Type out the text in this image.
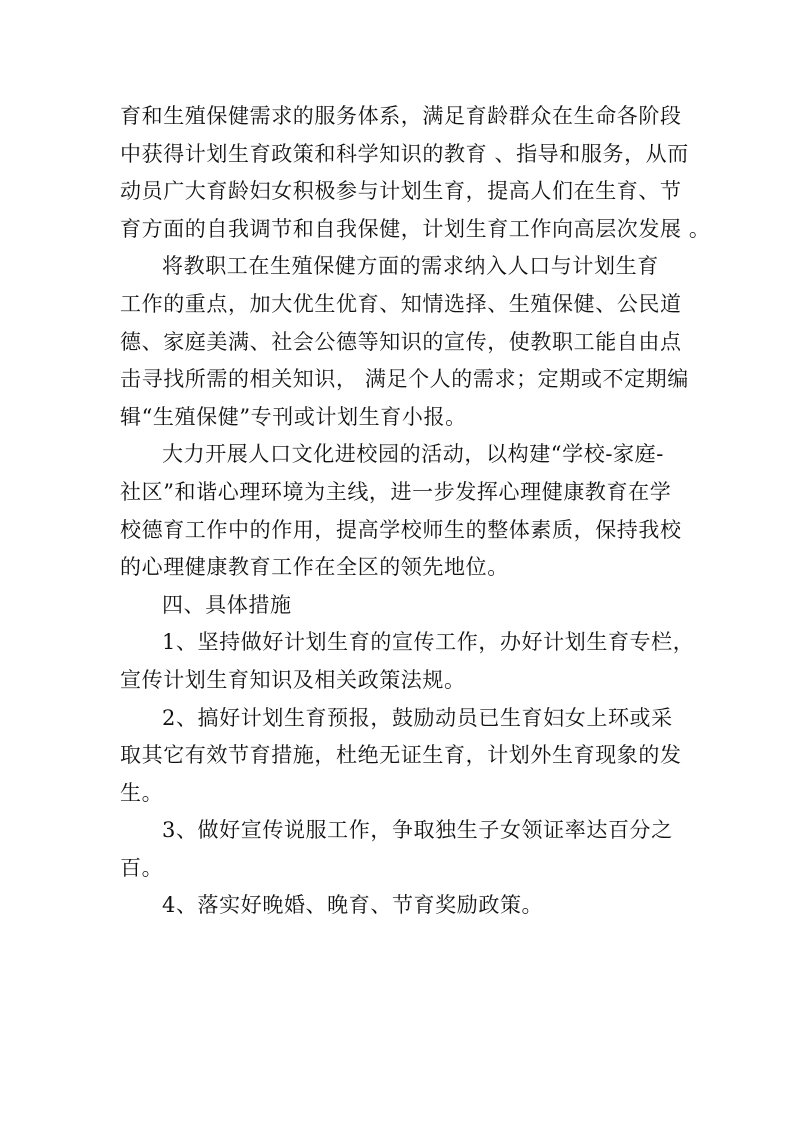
育和生殖保健需求的服务体系，满足育龄群众在生命各阶段
中获得计划生育政策和科学知识的教育 、指导和服务，从而
动员广大育龄妇女积极参与计划生育，提高人们在生育、节
育方面的自我调节和自我保健，计划生育工作向高层次发展 。
将教职工在生殖保健方面的需求纳入人口与计划生育
工作的重点，加大优生优育、知情选择、生殖保健、公民道
德、家庭美满、社会公德等知识的宣传，使教职工能自由点
击寻找所需的相关知识， 满足个人的需求；定期或不定期编
辑“生殖保健”专刊或计划生育小报。
大力开展人口文化进校园的活动，以构建“学校-家庭-
社区”和谐心理环境为主线，进一步发挥心理健康教育在学
校德育工作中的作用，提高学校师生的整体素质，保持我校
的心理健康教育工作在全区的领先地位。
四、具体措施
1、坚持做好计划生育的宣传工作，办好计划生育专栏，
宣传计划生育知识及相关政策法规。
2、搞好计划生育预报，鼓励动员已生育妇女上环或采
取其它有效节育措施，杜绝无证生育，计划外生育现象的发
生。
3、做好宣传说服工作，争取独生子女领证率达百分之
百。
4、落实好晚婚、晚育、节育奖励政策。
